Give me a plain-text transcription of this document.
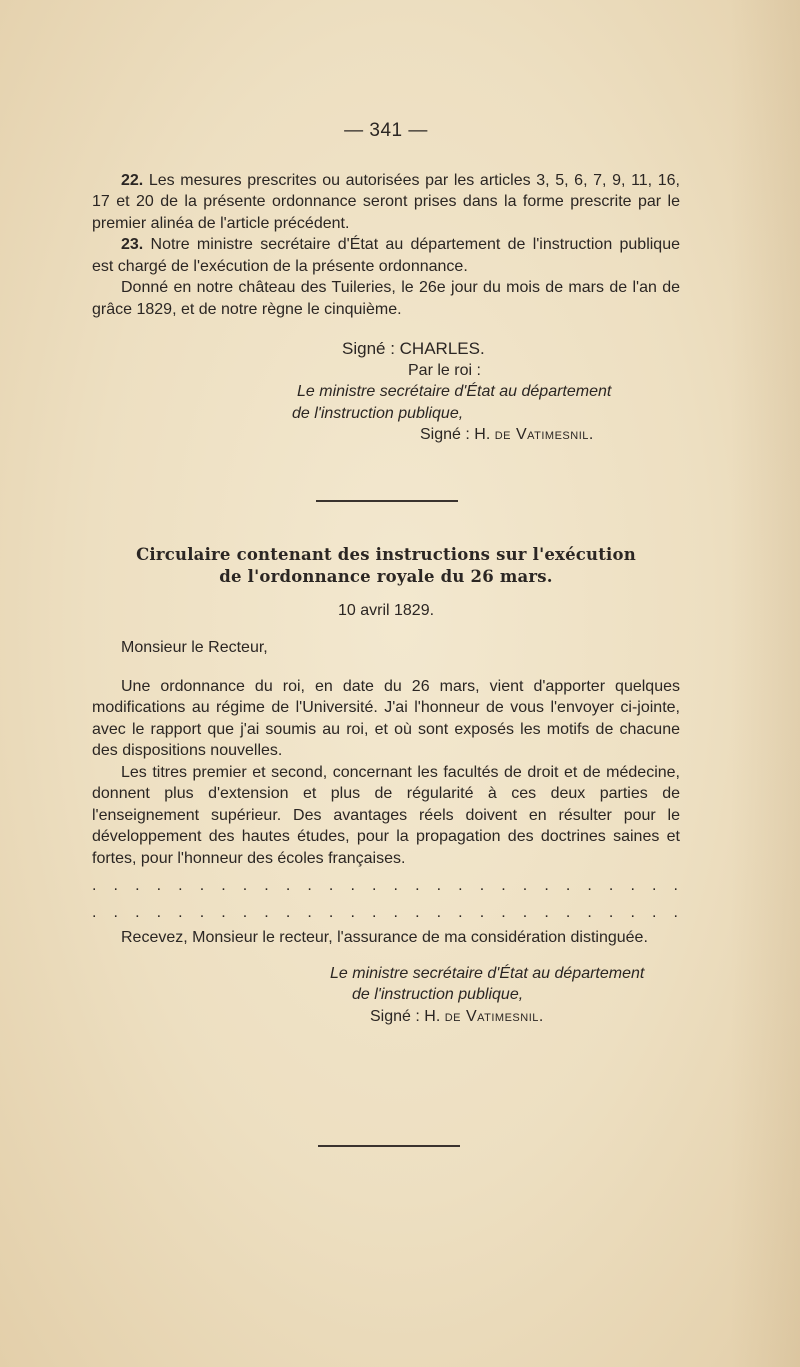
— 341 —

22. Les mesures prescrites ou autorisées par les articles 3, 5, 6, 7, 9, 11, 16, 17 et 20 de la présente ordonnance seront prises dans la forme prescrite par le premier alinéa de l'article précédent.

23. Notre ministre secrétaire d'État au département de l'instruction publique est chargé de l'exécution de la présente ordonnance.

Donné en notre château des Tuileries, le 26e jour du mois de mars de l'an de grâce 1829, et de notre règne le cinquième.

Signé : CHARLES.
Par le roi :
Le ministre secrétaire d'État au département
de l'instruction publique,
Signé : H. de Vatimesnil.
Circulaire contenant des instructions sur l'exécution
de l'ordonnance royale du 26 mars.
10 avril 1829.

Monsieur le Recteur,

Une ordonnance du roi, en date du 26 mars, vient d'apporter quelques modifications au régime de l'Université. J'ai l'honneur de vous l'envoyer ci-jointe, avec le rapport que j'ai soumis au roi, et où sont exposés les motifs de chacune des dispositions nouvelles.

Les titres premier et second, concernant les facultés de droit et de médecine, donnent plus d'extension et plus de régularité à ces deux parties de l'enseignement supérieur. Des avantages réels doivent en résulter pour le développement des hautes études, pour la propagation des doctrines saines et fortes, pour l'honneur des écoles françaises.

. . . . . . . . . . . . . . . . . . . . . . . . . . . .
. . . . . . . . . . . . . . . . . . . . . . . . . . . .

Recevez, Monsieur le recteur, l'assurance de ma considération distinguée.

Le ministre secrétaire d'État au département
de l'instruction publique,
Signé : H. de Vatimesnil.
